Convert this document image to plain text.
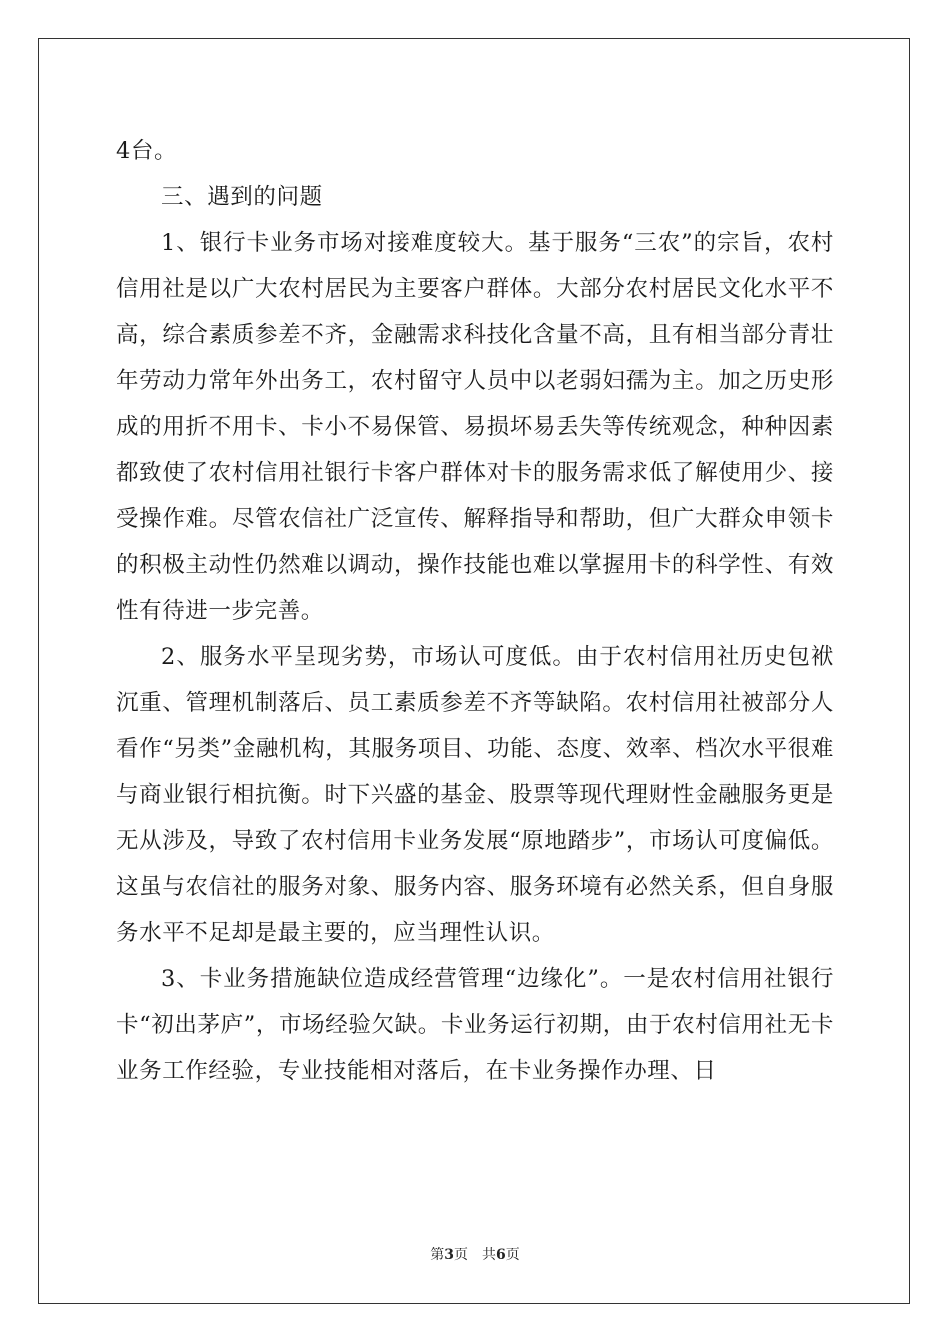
4台。

三、遇到的问题

1、银行卡业务市场对接难度较大。基于服务“三农”的宗旨，农村信用社是以广大农村居民为主要客户群体。大部分农村居民文化水平不高，综合素质参差不齐，金融需求科技化含量不高，且有相当部分青壮年劳动力常年外出务工，农村留守人员中以老弱妇孺为主。加之历史形成的用折不用卡、卡小不易保管、易损坏易丢失等传统观念，种种因素都致使了农村信用社银行卡客户群体对卡的服务需求低了解使用少、接受操作难。尽管农信社广泛宣传、解释指导和帮助，但广大群众申领卡的积极主动性仍然难以调动，操作技能也难以掌握用卡的科学性、有效性有待进一步完善。

2、服务水平呈现劣势，市场认可度低。由于农村信用社历史包袱沉重、管理机制落后、员工素质参差不齐等缺陷。农村信用社被部分人看作“另类”金融机构，其服务项目、功能、态度、效率、档次水平很难与商业银行相抗衡。时下兴盛的基金、股票等现代理财性金融服务更是无从涉及，导致了农村信用卡业务发展“原地踏步”，市场认可度偏低。这虽与农信社的服务对象、服务内容、服务环境有必然关系，但自身服务水平不足却是最主要的，应当理性认识。

3、卡业务措施缺位造成经营管理“边缘化”。一是农村信用社银行卡“初出茅庐”，市场经验欠缺。卡业务运行初期，由于农村信用社无卡业务工作经验，专业技能相对落后，在卡业务操作办理、日

第3页　共6页
